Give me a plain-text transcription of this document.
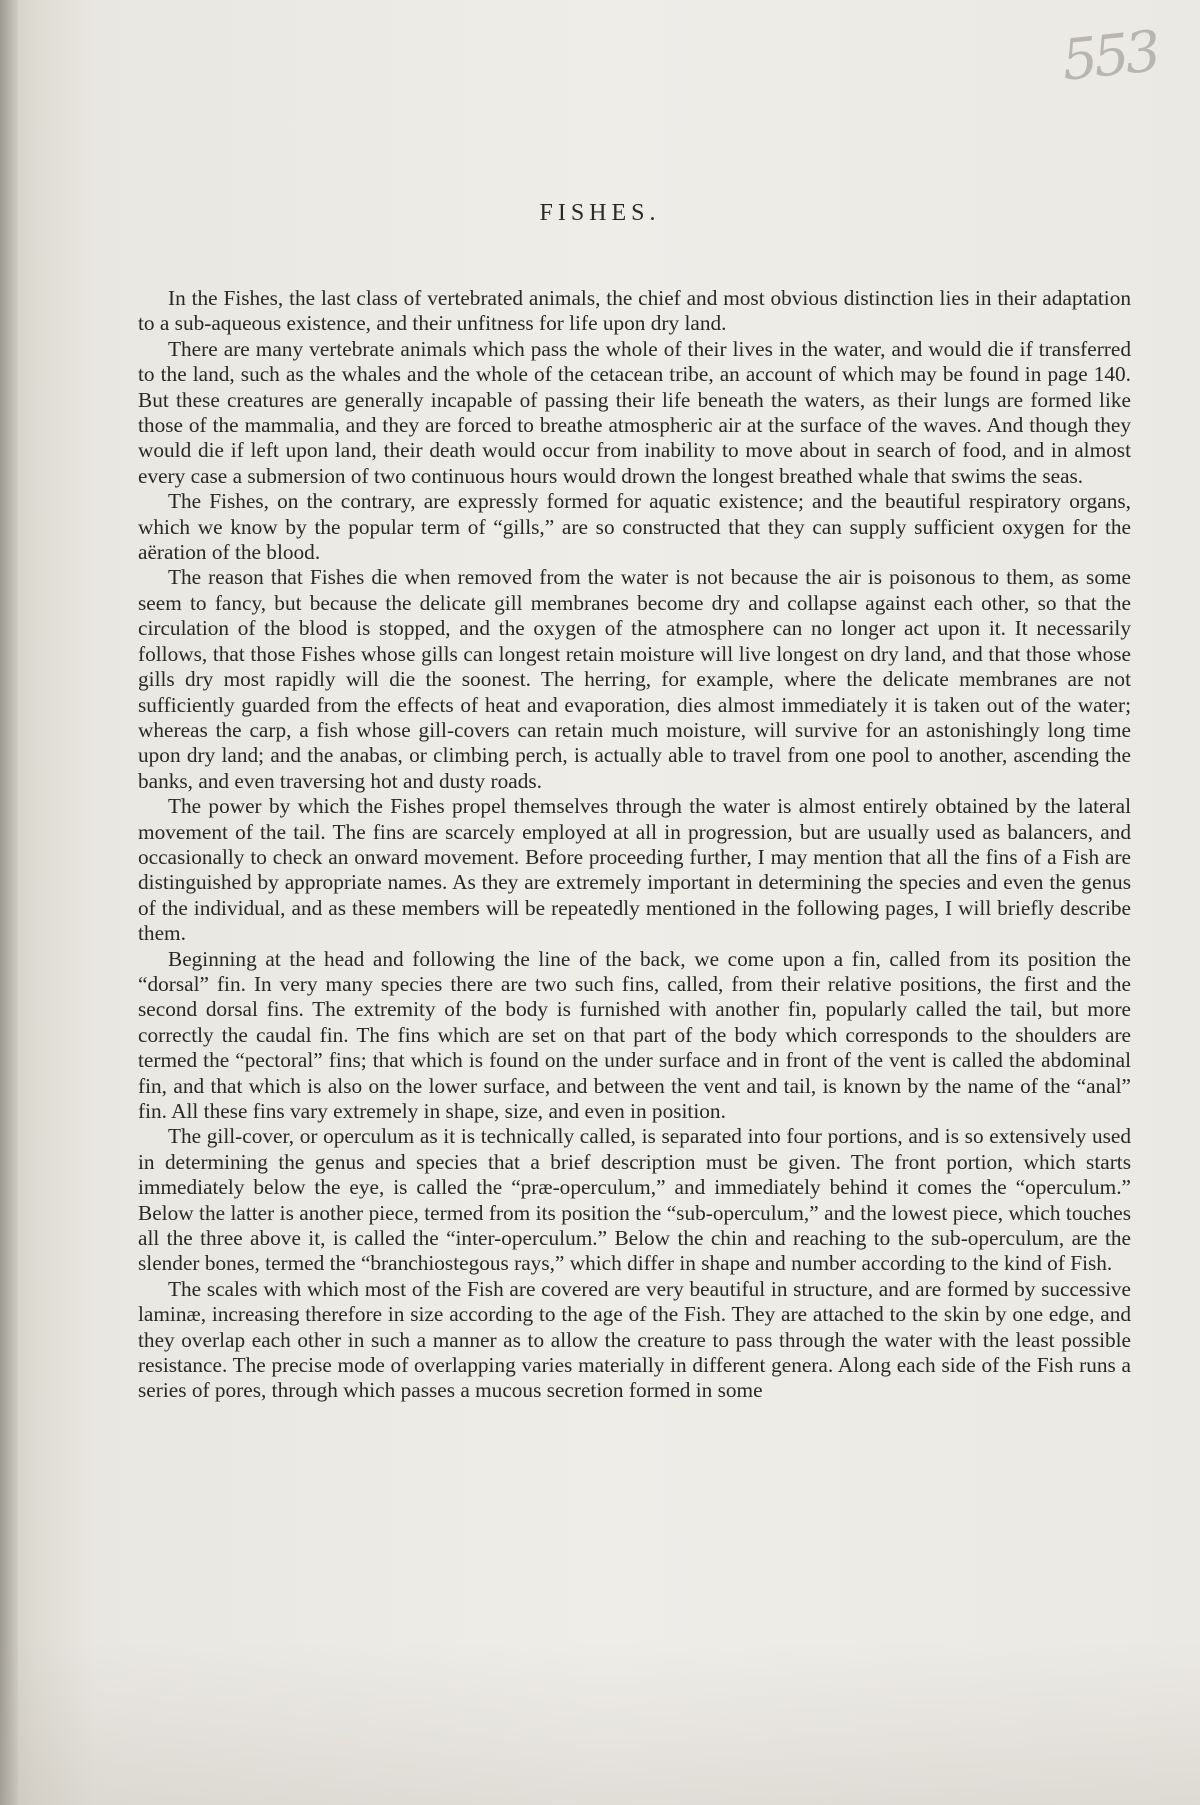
553
FISHES.

In the Fishes, the last class of vertebrated animals, the chief and most obvious distinction lies in their adaptation to a sub-aqueous existence, and their unfitness for life upon dry land.

There are many vertebrate animals which pass the whole of their lives in the water, and would die if transferred to the land, such as the whales and the whole of the cetacean tribe, an account of which may be found in page 140. But these creatures are generally incapable of passing their life beneath the waters, as their lungs are formed like those of the mammalia, and they are forced to breathe atmospheric air at the surface of the waves. And though they would die if left upon land, their death would occur from inability to move about in search of food, and in almost every case a submersion of two continuous hours would drown the longest breathed whale that swims the seas.

The Fishes, on the contrary, are expressly formed for aquatic existence; and the beautiful respiratory organs, which we know by the popular term of “gills,” are so constructed that they can supply sufficient oxygen for the aëration of the blood.

The reason that Fishes die when removed from the water is not because the air is poisonous to them, as some seem to fancy, but because the delicate gill membranes become dry and collapse against each other, so that the circulation of the blood is stopped, and the oxygen of the atmosphere can no longer act upon it. It necessarily follows, that those Fishes whose gills can longest retain moisture will live longest on dry land, and that those whose gills dry most rapidly will die the soonest. The herring, for example, where the delicate membranes are not sufficiently guarded from the effects of heat and evaporation, dies almost immediately it is taken out of the water; whereas the carp, a fish whose gill-covers can retain much moisture, will survive for an astonishingly long time upon dry land; and the anabas, or climbing perch, is actually able to travel from one pool to another, ascending the banks, and even traversing hot and dusty roads.

The power by which the Fishes propel themselves through the water is almost entirely obtained by the lateral movement of the tail. The fins are scarcely employed at all in progression, but are usually used as balancers, and occasionally to check an onward movement. Before proceeding further, I may mention that all the fins of a Fish are distinguished by appropriate names. As they are extremely important in determining the species and even the genus of the individual, and as these members will be repeatedly mentioned in the following pages, I will briefly describe them.

Beginning at the head and following the line of the back, we come upon a fin, called from its position the “dorsal” fin. In very many species there are two such fins, called, from their relative positions, the first and the second dorsal fins. The extremity of the body is furnished with another fin, popularly called the tail, but more correctly the caudal fin. The fins which are set on that part of the body which corresponds to the shoulders are termed the “pectoral” fins; that which is found on the under surface and in front of the vent is called the abdominal fin, and that which is also on the lower surface, and between the vent and tail, is known by the name of the “anal” fin. All these fins vary extremely in shape, size, and even in position.

The gill-cover, or operculum as it is technically called, is separated into four portions, and is so extensively used in determining the genus and species that a brief description must be given. The front portion, which starts immediately below the eye, is called the “præ-operculum,” and immediately behind it comes the “operculum.” Below the latter is another piece, termed from its position the “sub-operculum,” and the lowest piece, which touches all the three above it, is called the “inter-operculum.” Below the chin and reaching to the sub-operculum, are the slender bones, termed the “branchiostegous rays,” which differ in shape and number according to the kind of Fish.

The scales with which most of the Fish are covered are very beautiful in structure, and are formed by successive laminæ, increasing therefore in size according to the age of the Fish. They are attached to the skin by one edge, and they overlap each other in such a manner as to allow the creature to pass through the water with the least possible resistance. The precise mode of overlapping varies materially in different genera. Along each side of the Fish runs a series of pores, through which passes a mucous secretion formed in some
